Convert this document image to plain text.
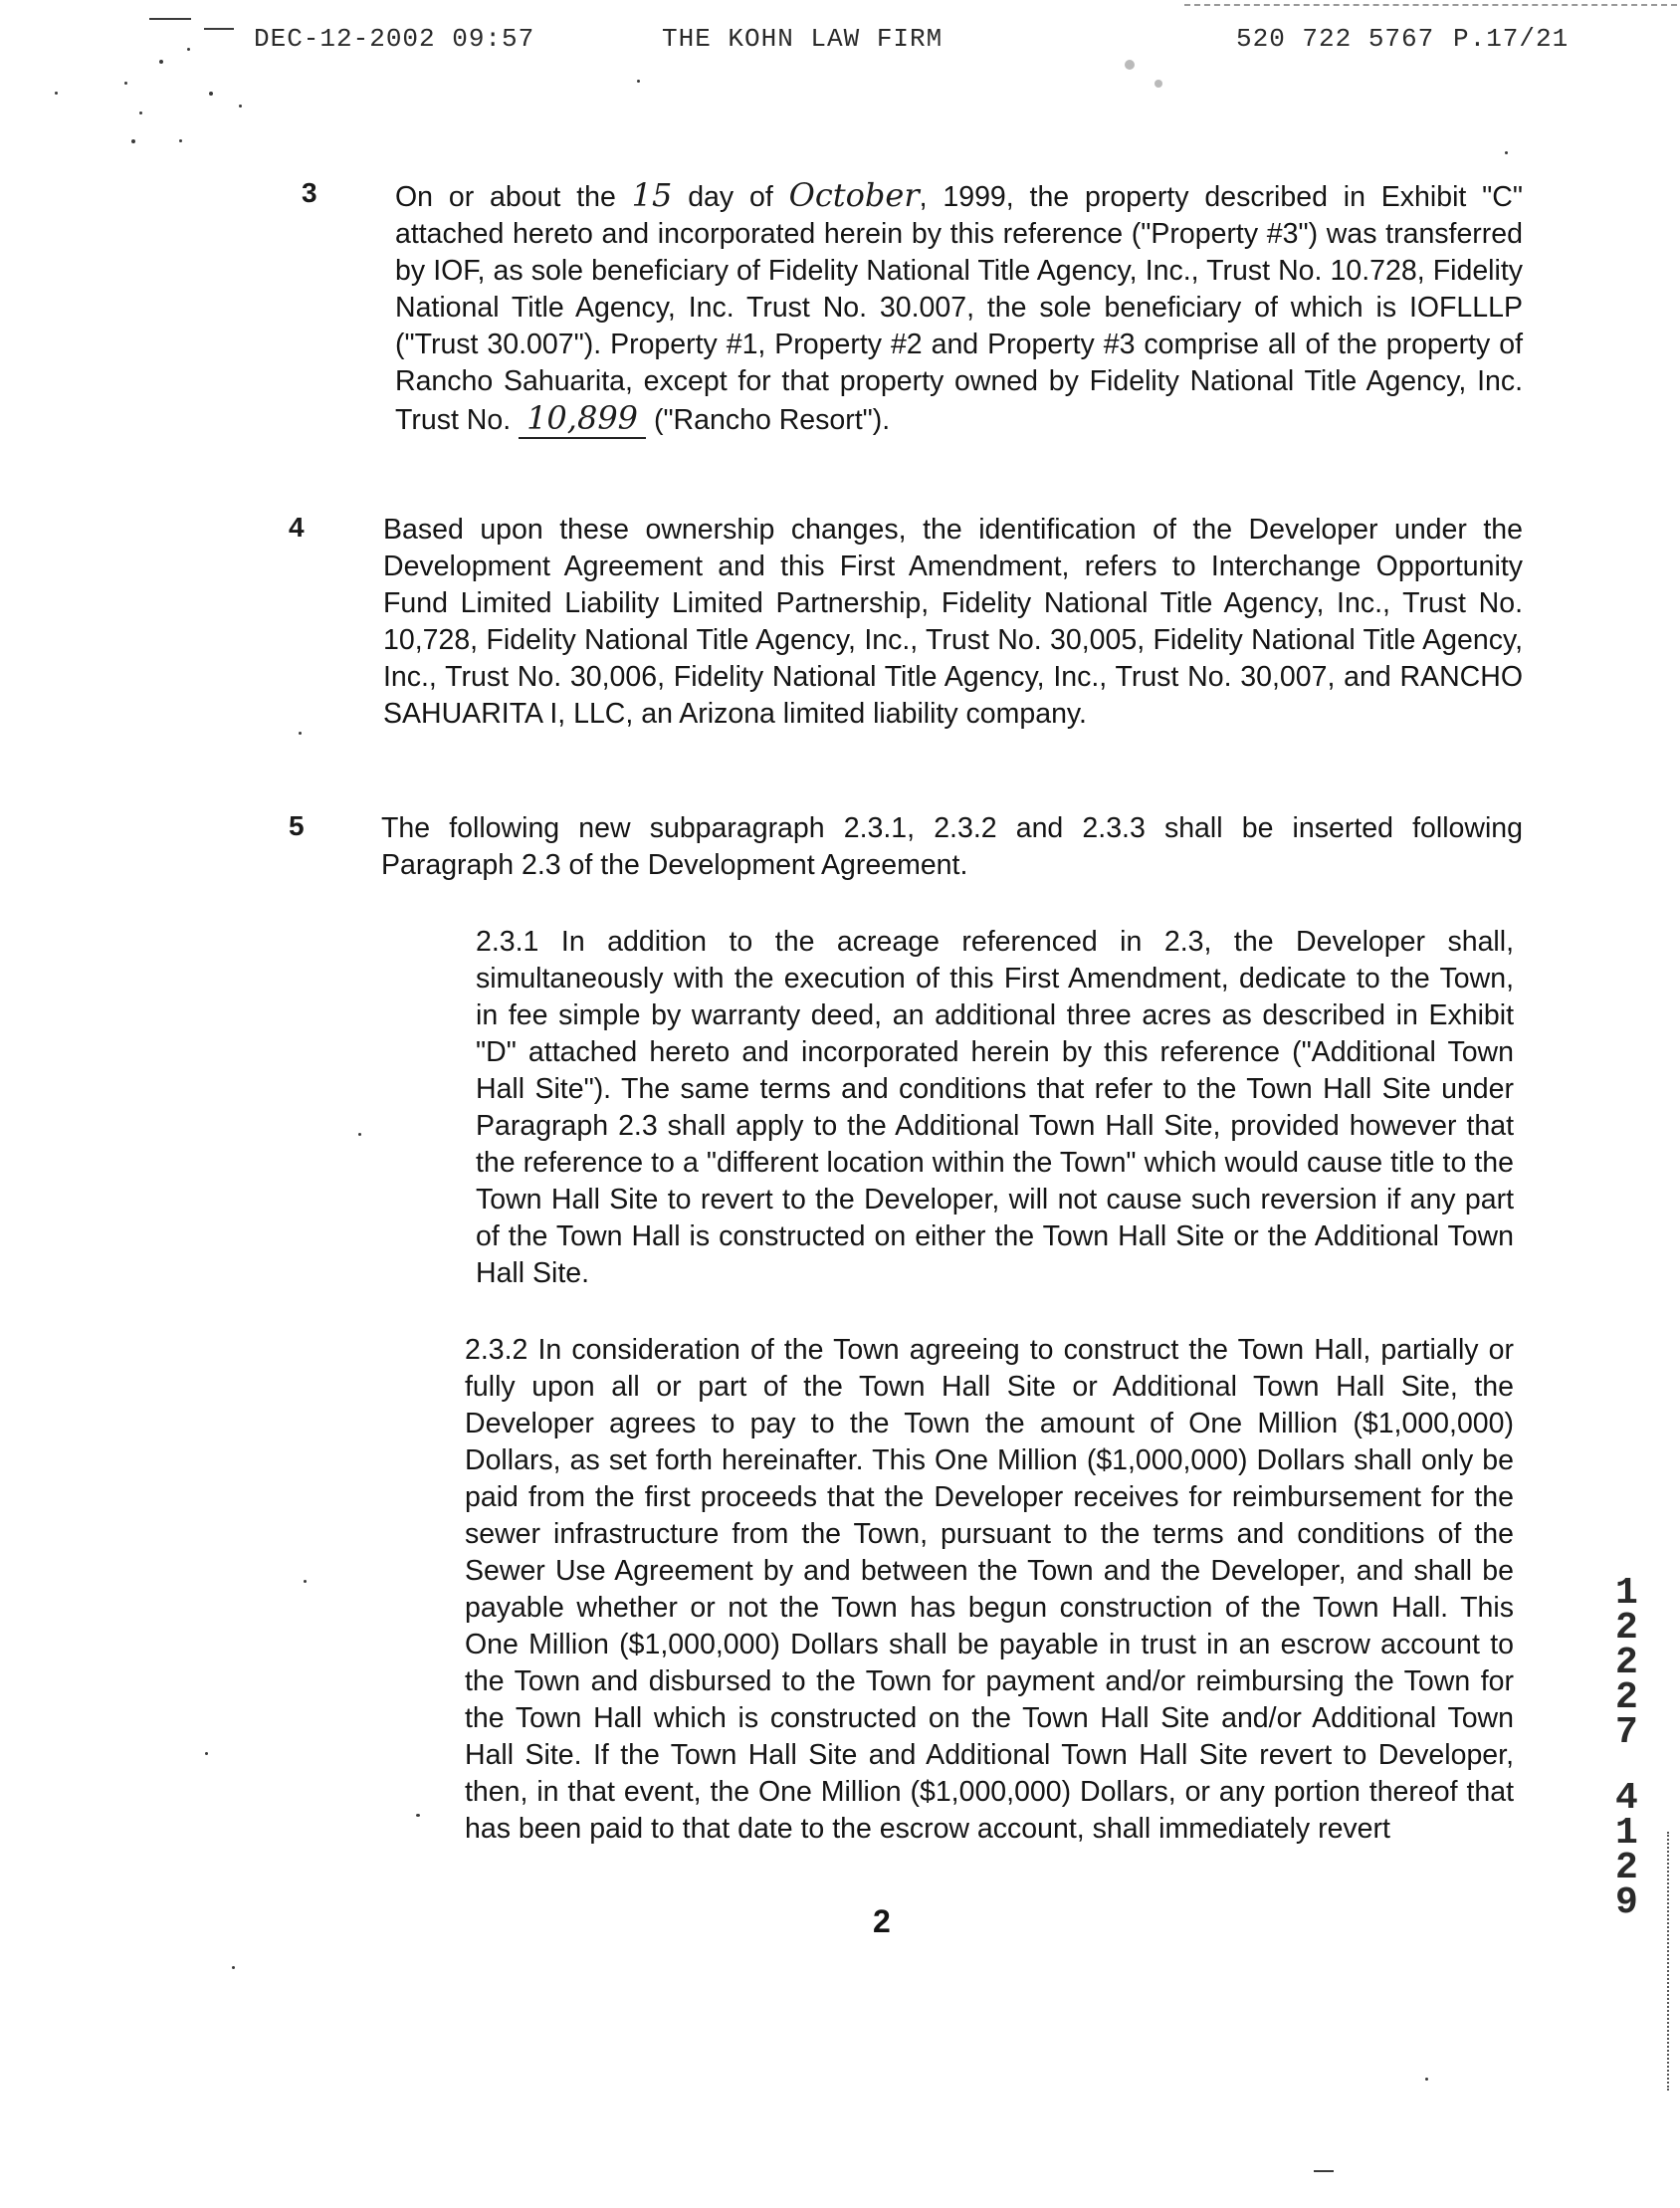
DEC-12-2002 09:57	THE KOHN LAW FIRM	520 722 5767 P.17/21
3	On or about the 15 day of October, 1999, the property described in Exhibit "C" attached hereto and incorporated herein by this reference ("Property #3") was transferred by IOF, as sole beneficiary of Fidelity National Title Agency, Inc., Trust No. 10.728, Fidelity National Title Agency, Inc. Trust No. 30.007, the sole beneficiary of which is IOFLLLP ("Trust 30.007"). Property #1, Property #2 and Property #3 comprise all of the property of Rancho Sahuarita, except for that property owned by Fidelity National Title Agency, Inc. Trust No. 10,899 ("Rancho Resort").
4	Based upon these ownership changes, the identification of the Developer under the Development Agreement and this First Amendment, refers to Interchange Opportunity Fund Limited Liability Limited Partnership, Fidelity National Title Agency, Inc., Trust No. 10,728, Fidelity National Title Agency, Inc., Trust No. 30,005, Fidelity National Title Agency, Inc., Trust No. 30,006, Fidelity National Title Agency, Inc., Trust No. 30,007, and RANCHO SAHUARITA I, LLC, an Arizona limited liability company.
5	The following new subparagraph 2.3.1, 2.3.2 and 2.3.3 shall be inserted following Paragraph 2.3 of the Development Agreement.
2.3.1 In addition to the acreage referenced in 2.3, the Developer shall, simultaneously with the execution of this First Amendment, dedicate to the Town, in fee simple by warranty deed, an additional three acres as described in Exhibit "D" attached hereto and incorporated herein by this reference ("Additional Town Hall Site"). The same terms and conditions that refer to the Town Hall Site under Paragraph 2.3 shall apply to the Additional Town Hall Site, provided however that the reference to a "different location within the Town" which would cause title to the Town Hall Site to revert to the Developer, will not cause such reversion if any part of the Town Hall is constructed on either the Town Hall Site or the Additional Town Hall Site.
2.3.2 In consideration of the Town agreeing to construct the Town Hall, partially or fully upon all or part of the Town Hall Site or Additional Town Hall Site, the Developer agrees to pay to the Town the amount of One Million ($1,000,000) Dollars, as set forth hereinafter. This One Million ($1,000,000) Dollars shall only be paid from the first proceeds that the Developer receives for reimbursement for the sewer infrastructure from the Town, pursuant to the terms and conditions of the Sewer Use Agreement by and between the Town and the Developer, and shall be payable whether or not the Town has begun construction of the Town Hall. This One Million ($1,000,000) Dollars shall be payable in trust in an escrow account to the Town and disbursed to the Town for payment and/or reimbursing the Town for the Town Hall which is constructed on the Town Hall Site and/or Additional Town Hall Site. If the Town Hall Site and Additional Town Hall Site revert to Developer, then, in that event, the One Million ($1,000,000) Dollars, or any portion thereof that has been paid to that date to the escrow account, shall immediately revert
2
1
2
2
2
7
4
1
2
9
